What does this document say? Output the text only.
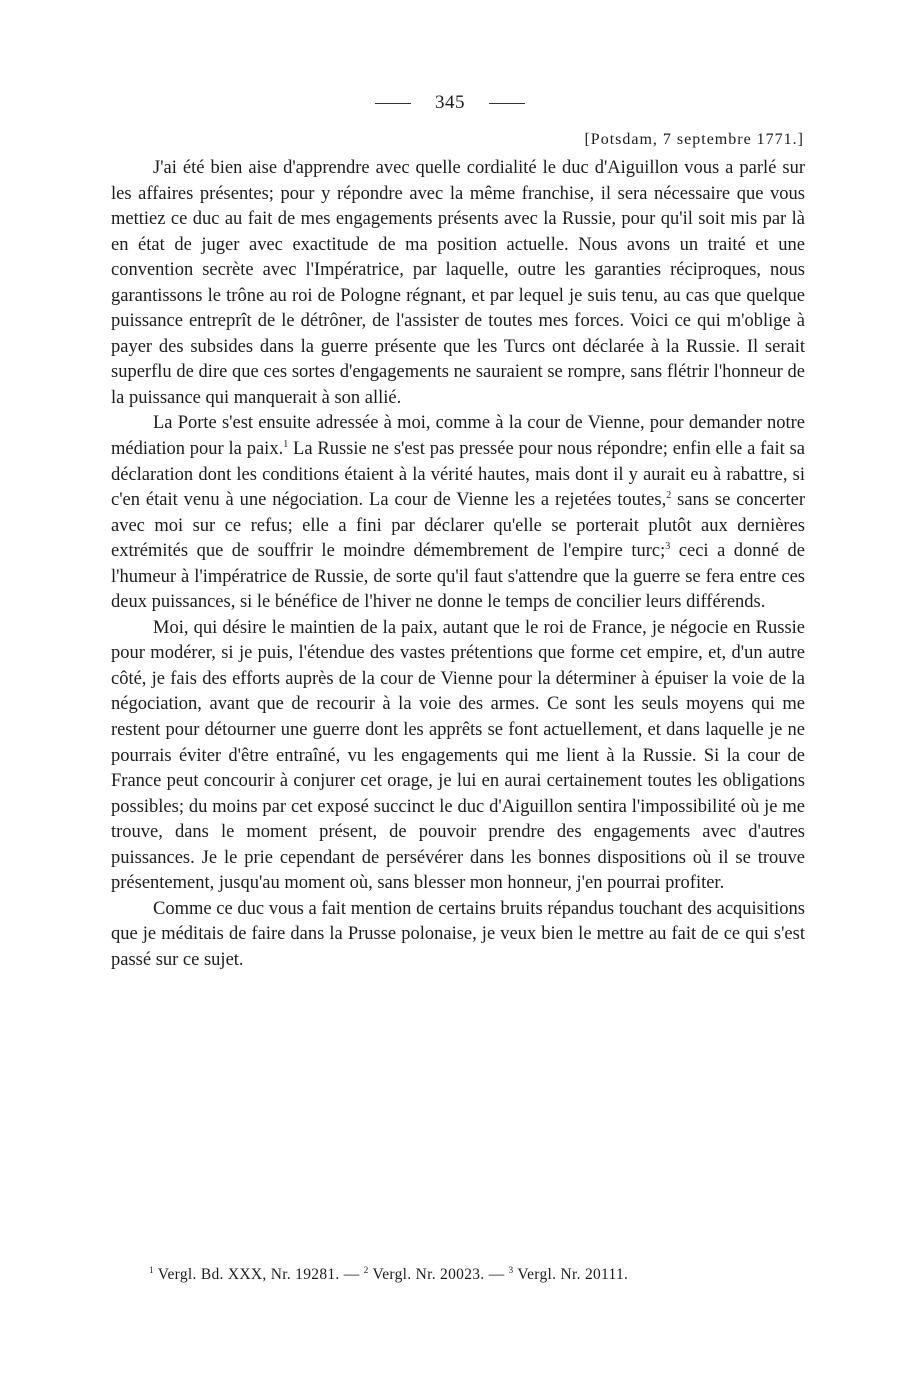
345
[Potsdam, 7 septembre 1771.]

J'ai été bien aise d'apprendre avec quelle cordialité le duc d'Aiguillon vous a parlé sur les affaires présentes; pour y répondre avec la même franchise, il sera nécessaire que vous mettiez ce duc au fait de mes engagements présents avec la Russie, pour qu'il soit mis par là en état de juger avec exactitude de ma position actuelle. Nous avons un traité et une convention secrète avec l'Impératrice, par laquelle, outre les garanties réciproques, nous garantissons le trône au roi de Pologne régnant, et par lequel je suis tenu, au cas que quelque puissance entreprît de le détrôner, de l'assister de toutes mes forces. Voici ce qui m'oblige à payer des subsides dans la guerre présente que les Turcs ont déclarée à la Russie. Il serait superflu de dire que ces sortes d'engagements ne sauraient se rompre, sans flétrir l'honneur de la puissance qui manquerait à son allié.

La Porte s'est ensuite adressée à moi, comme à la cour de Vienne, pour demander notre médiation pour la paix.$^1$ La Russie ne s'est pas pressée pour nous répondre; enfin elle a fait sa déclaration dont les conditions étaient à la vérité hautes, mais dont il y aurait eu à rabattre, si c'en était venu à une négociation. La cour de Vienne les a rejetées toutes,$^2$ sans se concerter avec moi sur ce refus; elle a fini par déclarer qu'elle se porterait plutôt aux dernières extrémités que de souffrir le moindre démembrement de l'empire turc;$^3$ ceci a donné de l'humeur à l'impératrice de Russie, de sorte qu'il faut s'attendre que la guerre se fera entre ces deux puissances, si le bénéfice de l'hiver ne donne le temps de concilier leurs différends.

Moi, qui désire le maintien de la paix, autant que le roi de France, je négocie en Russie pour modérer, si je puis, l'étendue des vastes prétentions que forme cet empire, et, d'un autre côté, je fais des efforts auprès de la cour de Vienne pour la déterminer à épuiser la voie de la négociation, avant que de recourir à la voie des armes. Ce sont les seuls moyens qui me restent pour détourner une guerre dont les apprêts se font actuellement, et dans laquelle je ne pourrais éviter d'être entraîné, vu les engagements qui me lient à la Russie. Si la cour de France peut concourir à conjurer cet orage, je lui en aurai certainement toutes les obligations possibles; du moins par cet exposé succinct le duc d'Aiguillon sentira l'impossibilité où je me trouve, dans le moment présent, de pouvoir prendre des engagements avec d'autres puissances. Je le prie cependant de persévérer dans les bonnes dispositions où il se trouve présentement, jusqu'au moment où, sans blesser mon honneur, j'en pourrai profiter.

Comme ce duc vous a fait mention de certains bruits répandus touchant des acquisitions que je méditais de faire dans la Prusse polonaise, je veux bien le mettre au fait de ce qui s'est passé sur ce sujet.

$^1$ Vergl. Bd. XXX, Nr. 19281. — $^2$ Vergl. Nr. 20023. — $^3$ Vergl. Nr. 20111.
